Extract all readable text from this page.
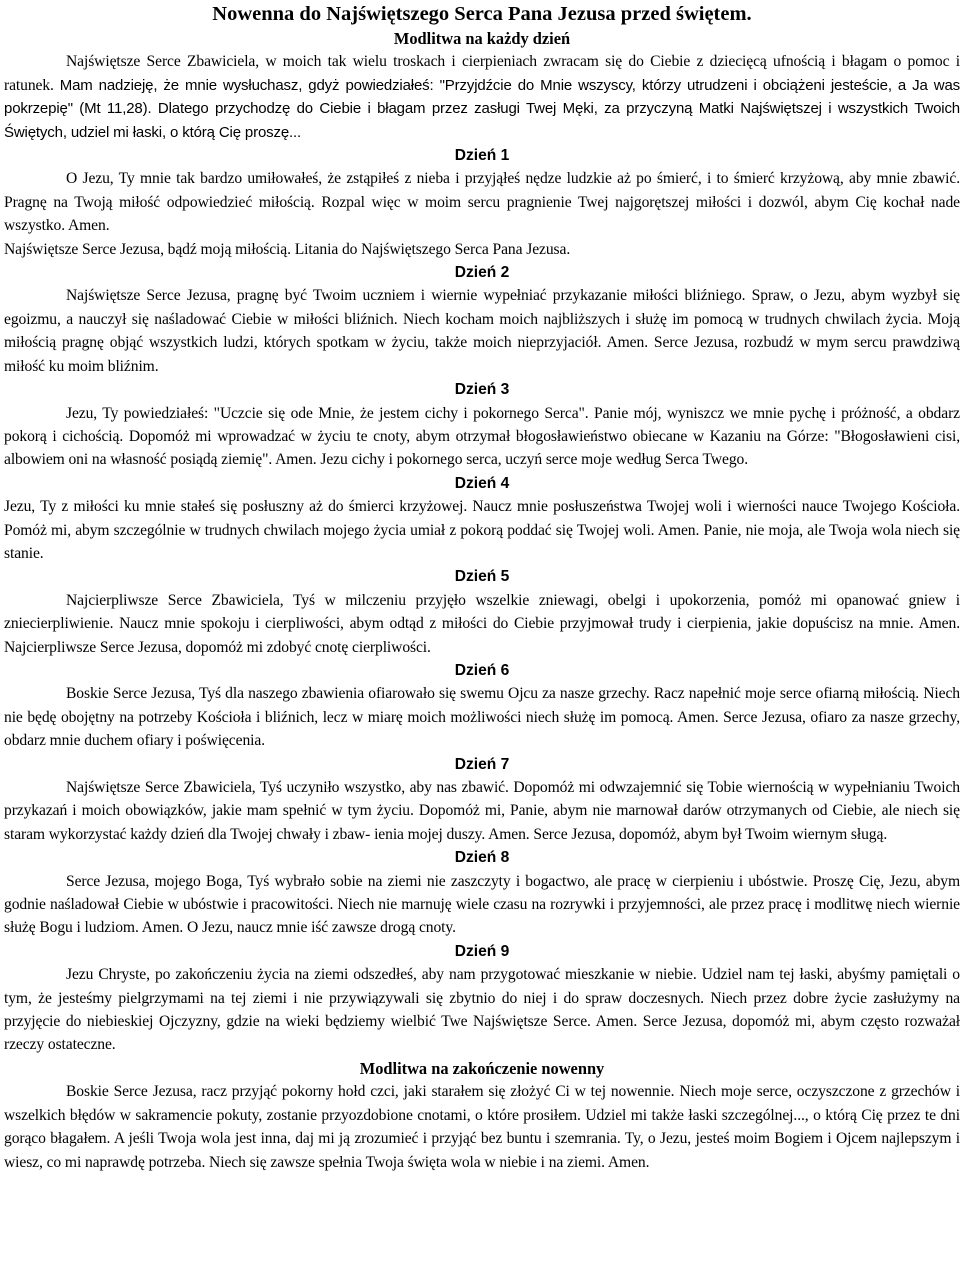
Nowenna do Najświętszego Serca Pana Jezusa przed świętem.
Modlitwa na każdy dzień

Najświętsze Serce Zbawiciela, w moich tak wielu troskach i cierpieniach zwracam się do Ciebie z dziecięcą ufnością i błagam o pomoc i ratunek. Mam nadzieję, że mnie wysłuchasz, gdyż powiedziałeś: "Przyjdźcie do Mnie wszyscy, którzy utrudzeni i obciążeni jesteście, a Ja was pokrzepię" (Mt 11,28). Dlatego przychodzę do Ciebie i błagam przez zasługi Twej Męki, za przyczyną Matki Najświętszej i wszystkich Twoich Świętych, udziel mi łaski, o którą Cię proszę...

Dzień 1

O Jezu, Ty mnie tak bardzo umiłowałeś, że zstąpiłeś z nieba i przyjąłeś nędze ludzkie aż po śmierć, i to śmierć krzyżową, aby mnie zbawić. Pragnę na Twoją miłość odpowiedzieć miłością. Rozpal więc w moim sercu pragnienie Twej najgorętszej miłości i dozwól, abym Cię kochał nade wszystko. Amen.

Najświętsze Serce Jezusa, bądź moją miłością. Litania do Najświętszego Serca Pana Jezusa.

Dzień 2

Najświętsze Serce Jezusa, pragnę być Twoim uczniem i wiernie wypełniać przykazanie miłości bliźniego. Spraw, o Jezu, abym wyzbył się egoizmu, a nauczył się naśladować Ciebie w miłości bliźnich. Niech kocham moich najbliższych i służę im pomocą w trudnych chwilach życia. Moją miłością pragnę objąć wszystkich ludzi, których spotkam w życiu, także moich nieprzyjaciół. Amen. Serce Jezusa, rozbudź w mym sercu prawdziwą miłość ku moim bliźnim.

Dzień 3

Jezu, Ty powiedziałeś: "Uczcie się ode Mnie, że jestem cichy i pokornego Serca". Panie mój, wyniszcz we mnie pychę i próżność, a obdarz pokorą i cichością. Dopomóż mi wprowadzać w życiu te cnoty, abym otrzymał błogosławieństwo obiecane w Kazaniu na Górze: "Błogosławieni cisi, albowiem oni na własność posiądą ziemię". Amen. Jezu cichy i pokornego serca, uczyń serce moje według Serca Twego.

Dzień 4

Jezu, Ty z miłości ku mnie stałeś się posłuszny aż do śmierci krzyżowej. Naucz mnie posłuszeństwa Twojej woli i wierności nauce Twojego Kościoła. Pomóż mi, abym szczególnie w trudnych chwilach mojego życia umiał z pokorą poddać się Twojej woli. Amen. Panie, nie moja, ale Twoja wola niech się stanie.

Dzień 5

Najcierpliwsze Serce Zbawiciela, Tyś w milczeniu przyjęło wszelkie zniewagi, obelgi i upokorzenia, pomóż mi opanować gniew i zniecierpliwienie. Naucz mnie spokoju i cierpliwości, abym odtąd z miłości do Ciebie przyjmował trudy i cierpienia, jakie dopuścisz na mnie. Amen. Najcierpliwsze Serce Jezusa, dopomóż mi zdobyć cnotę cierpliwości.

Dzień 6

Boskie Serce Jezusa, Tyś dla naszego zbawienia ofiarowało się swemu Ojcu za nasze grzechy. Racz napełnić moje serce ofiarną miłością. Niech nie będę obojętny na potrzeby Kościoła i bliźnich, lecz w miarę moich możliwości niech służę im pomocą. Amen. Serce Jezusa, ofiaro za nasze grzechy, obdarz mnie duchem ofiary i poświęcenia.

Dzień 7

Najświętsze Serce Zbawiciela, Tyś uczyniło wszystko, aby nas zbawić. Dopomóż mi odwzajemnić się Tobie wiernością w wypełnianiu Twoich przykazań i moich obowiązków, jakie mam spełnić w tym życiu. Dopomóż mi, Panie, abym nie marnował darów otrzymanych od Ciebie, ale niech się staram wykorzystać każdy dzień dla Twojej chwały i zbaw- ienia mojej duszy. Amen. Serce Jezusa, dopomóż, abym był Twoim wiernym sługą.

Dzień 8

Serce Jezusa, mojego Boga, Tyś wybrało sobie na ziemi nie zaszczyty i bogactwo, ale pracę w cierpieniu i ubóstwie. Proszę Cię, Jezu, abym godnie naśladował Ciebie w ubóstwie i pracowitości. Niech nie marnuję wiele czasu na rozrywki i przyjemności, ale przez pracę i modlitwę niech wiernie służę Bogu i ludziom. Amen. O Jezu, naucz mnie iść zawsze drogą cnoty.

Dzień 9

Jezu Chryste, po zakończeniu życia na ziemi odszedłeś, aby nam przygotować mieszkanie w niebie. Udziel nam tej łaski, abyśmy pamiętali o tym, że jesteśmy pielgrzymami na tej ziemi i nie przywiązywali się zbytnio do niej i do spraw doczesnych. Niech przez dobre życie zasłużymy na przyjęcie do niebieskiej Ojczyzny, gdzie na wieki będziemy wielbić Twe Najświętsze Serce. Amen. Serce Jezusa, dopomóż mi, abym często rozważał rzeczy ostateczne.

Modlitwa na zakończenie nowenny

Boskie Serce Jezusa, racz przyjąć pokorny hołd czci, jaki starałem się złożyć Ci w tej nowennie. Niech moje serce, oczyszczone z grzechów i wszelkich błędów w sakramencie pokuty, zostanie przyozdobione cnotami, o które prosiłem. Udziel mi także łaski szczególnej..., o którą Cię przez te dni gorąco błagałem. A jeśli Twoja wola jest inna, daj mi ją zrozumieć i przyjąć bez buntu i szemrania. Ty, o Jezu, jesteś moim Bogiem i Ojcem najlepszym i wiesz, co mi naprawdę potrzeba. Niech się zawsze spełnia Twoja święta wola w niebie i na ziemi. Amen.
